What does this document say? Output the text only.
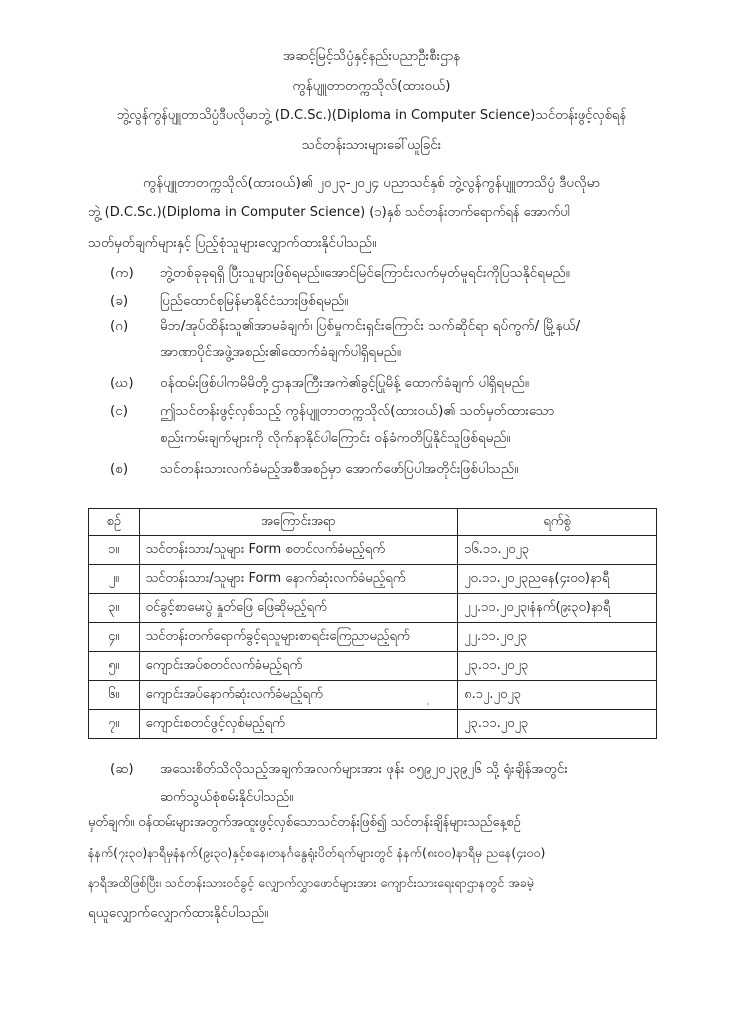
အဆင့်မြင့်သိပ္ပံနှင့်နည်းပညာဦးစီးဌာန
ကွန်ပျူတာတက္ကသိုလ်(ထားဝယ်)
ဘွဲ့လွန်ကွန်ပျူတာသိပ္ပံဒီပလိုမာဘွဲ့ (D.C.Sc.)(Diploma in Computer Science)သင်တန်းဖွင့်လှစ်ရန်
သင်တန်းသားများခေါ်ယူခြင်း
ကွန်ပျူတာတက္ကသိုလ်(ထားဝယ်)၏ ၂၀၂၃-၂၀၂၄ ပညာသင်နှစ် ဘွဲ့လွန်ကွန်ပျူတာသိပ္ပံ ဒီပလိုမာ
ဘွဲ့ (D.C.Sc.)(Diploma in Computer Science) (၁)နှစ် သင်တန်းတက်ရောက်ရန် အောက်ပါ
သတ်မှတ်ချက်များနှင့် ပြည့်စုံသူများလျှောက်ထားနိုင်ပါသည်။
(က)	ဘွဲ့တစ်ခုခုရရှိ ပြီးသူများဖြစ်ရမည်။အောင်မြင်ကြောင်းလက်မှတ်မူရင်းကိုပြသနိုင်ရမည်။
(ခ)	ပြည်ထောင်စုမြန်မာနိုင်ငံသားဖြစ်ရမည်။
(ဂ)	မိဘ/အုပ်ထိန်းသူ၏အာမခံချက်၊ ပြစ်မှုကင်းရှင်းကြောင်း သက်ဆိုင်ရာ ရပ်ကွက်/ မြို့နယ်/
အာဏာပိုင်အဖွဲ့အစည်း၏ထောက်ခံချက်ပါရှိရမည်။
(ဃ)	ဝန်ထမ်းဖြစ်ပါကမိမိတို့ဌာနအကြီးအကဲ၏ခွင့်ပြုမိန့် ထောက်ခံချက် ပါရှိရမည်။
(င)	ဤသင်တန်းဖွင့်လှစ်သည့် ကွန်ပျူတာတက္ကသိုလ်(ထားဝယ်)၏ သတ်မှတ်ထားသော
စည်းကမ်းချက်များကို လိုက်နာနိုင်ပါကြောင်း ဝန်ခံကတိပြုနိုင်သူဖြစ်ရမည်။
(စ)	သင်တန်းသားလက်ခံမည့်အစီအစဉ်မှာ အောက်ဖော်ပြပါအတိုင်းဖြစ်ပါသည်။
စဉ်	အကြောင်းအရာ	ရက်စွဲ
၁။	သင်တန်းသား/သူများ Form စတင်လက်ခံမည့်ရက်	၁၆.၁၁.၂၀၂၃
၂။	သင်တန်းသား/သူများ Form နောက်ဆုံးလက်ခံမည့်ရက်	၂၀.၁၁.၂၀၂၃ညနေ(၄း၀၀)နာရီ
၃။	ဝင်ခွင့်စာမေးပွဲ နှုတ်ဖြေ ဖြေဆိုမည့်ရက်	၂၂.၁၁.၂၀၂၃၊နံနက်(၉း၃၀)နာရီ
၄။	သင်တန်းတက်ရောက်ခွင့်ရသူများစာရင်းကြေညာမည့်ရက်	၂၂.၁၁.၂၀၂၃
၅။	ကျောင်းအပ်စတင်လက်ခံမည့်ရက်	၂၃.၁၁.၂၀၂၃
၆။	ကျောင်းအပ်နောက်ဆုံးလက်ခံမည့်ရက်	၈.၁၂.၂၀၂၃
၇။	ကျောင်းစတင်ဖွင့်လှစ်မည့်ရက်	၂၃.၁၁.၂၀၂၃
(ဆ)	အသေးစိတ်သိလိုသည့်အချက်အလက်များအား ဖုန်း ၀၅၉၂၀၂၃၉၂၆ သို့ ရုံးချိန်အတွင်း
ဆက်သွယ်စုံစမ်းနိုင်ပါသည်။
မှတ်ချက်။ ဝန်ထမ်းများအတွက်အထူးဖွင့်လှစ်သောသင်တန်းဖြစ်၍ သင်တန်းချိန်များသည်နေ့စဉ်
နံနက်(၇း၃၀)နာရီမှနံနက်(၉း၃၀)နှင့်စနေ၊တနင်္ဂနွေရုံးပိတ်ရက်များတွင် နံနက်(၈း၀၀)နာရီမှ ညနေ(၄း၀၀)
နာရီအထိဖြစ်ပြီး၊ သင်တန်းသားဝင်ခွင့် လျှောက်လွှာဖောင်များအား ကျောင်းသားရေးရာဌာနတွင် အခမဲ့
ရယူလျှောက်လျှောက်ထားနိုင်ပါသည်။
